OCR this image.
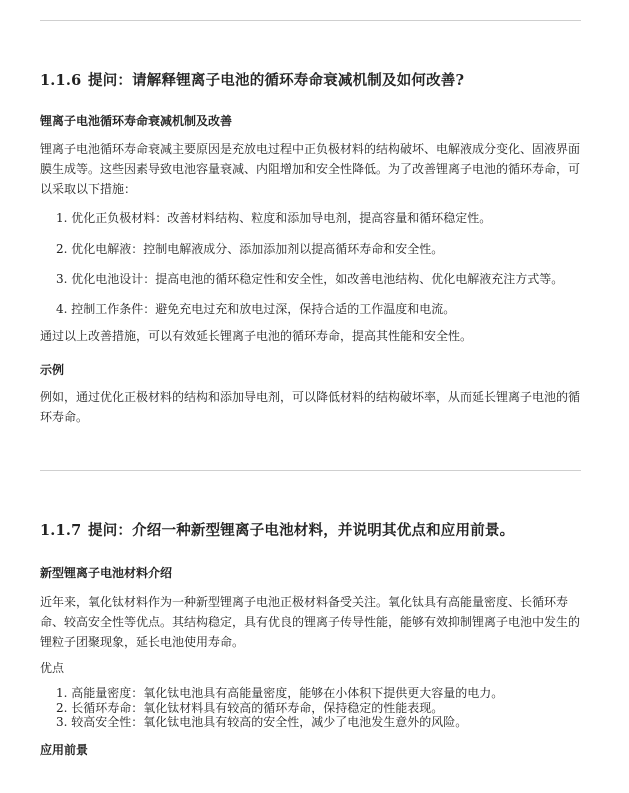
1.1.6 提问：请解释锂离子电池的循环寿命衰减机制及如何改善?
锂离子电池循环寿命衰减机制及改善
锂离子电池循环寿命衰减主要原因是充放电过程中正负极材料的结构破坏、电解液成分变化、固液界面膜生成等。这些因素导致电池容量衰减、内阻增加和安全性降低。为了改善锂离子电池的循环寿命，可以采取以下措施：
1. 优化正负极材料：改善材料结构、粒度和添加导电剂，提高容量和循环稳定性。
2. 优化电解液：控制电解液成分、添加添加剂以提高循环寿命和安全性。
3. 优化电池设计：提高电池的循环稳定性和安全性，如改善电池结构、优化电解液充注方式等。
4. 控制工作条件：避免充电过充和放电过深，保持合适的工作温度和电流。
通过以上改善措施，可以有效延长锂离子电池的循环寿命，提高其性能和安全性。
示例
例如，通过优化正极材料的结构和添加导电剂，可以降低材料的结构破坏率，从而延长锂离子电池的循环寿命。
1.1.7 提问：介绍一种新型锂离子电池材料，并说明其优点和应用前景。
新型锂离子电池材料介绍
近年来，氧化钛材料作为一种新型锂离子电池正极材料备受关注。氧化钛具有高能量密度、长循环寿命、较高安全性等优点。其结构稳定，具有优良的锂离子传导性能，能够有效抑制锂离子电池中发生的锂粒子团聚现象，延长电池使用寿命。
优点
1. 高能量密度：氧化钛电池具有高能量密度，能够在小体积下提供更大容量的电力。
2. 长循环寿命：氧化钛材料具有较高的循环寿命，保持稳定的性能表现。
3. 较高安全性：氧化钛电池具有较高的安全性，减少了电池发生意外的风险。
应用前景
